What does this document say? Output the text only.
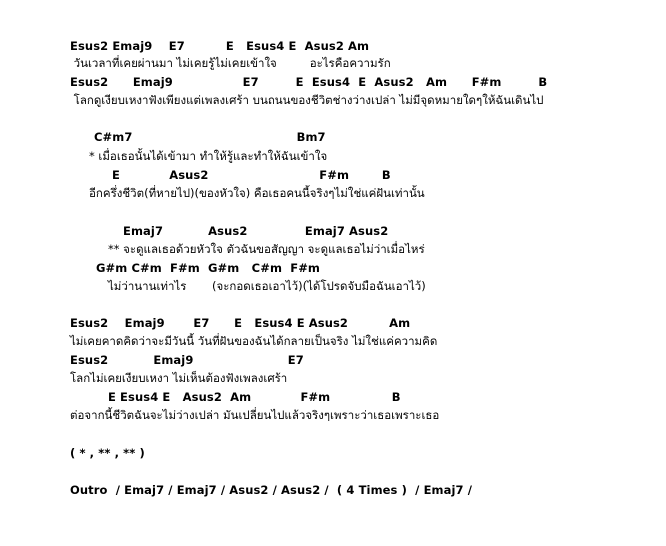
Esus2 Emaj9    E7          E   Esus4 E  Asus2 Am
วันเวลาที่เคยผ่านมา ไม่เคยรู้ไม่เคยเข้าใจ         อะไรคือความรัก
Esus2      Emaj9                 E7         E  Esus4  E  Asus2   Am      F#m         B
โลกดูเงียบเหงาฟังเพียงแต่เพลงเศร้า บนถนนของชีวิตช่างว่างเปล่า ไม่มีจุดหมายใดๆให้ฉันเดินไป
C#m7                                        Bm7
* เมื่อเธอนั้นได้เข้ามา ทำให้รู้และทำให้ฉันเข้าใจ
E            Asus2                           F#m        B
อีกครึ่งชีวิต(ที่หายไป)(ของหัวใจ) คือเธอคนนี้จริงๆไม่ใช่แค่ฝันเท่านั้น
Emaj7           Asus2              Emaj7 Asus2
** จะดูแลเธอด้วยหัวใจ ตัวฉันขอสัญญา จะดูแลเธอไม่ว่าเมื่อไหร่
G#m C#m  F#m  G#m   C#m  F#m
ไม่ว่านานเท่าไร       (จะกอดเธอเอาไว้)(ได้โปรดจับมือฉันเอาไว้)
Esus2    Emaj9       E7      E   Esus4 E Asus2          Am
ไม่เคยคาดคิดว่าจะมีวันนี้ วันที่ฝันของฉันได้กลายเป็นจริง ไม่ใช่แค่ความคิด
Esus2           Emaj9                       E7
โลกไม่เคยเงียบเหงา ไม่เห็นต้องฟังเพลงเศร้า
E Esus4 E   Asus2  Am            F#m               B
ต่อจากนี้ชีวิตฉันจะไม่ว่างเปล่า มันเปลี่ยนไปแล้วจริงๆเพราะว่าเธอเพราะเธอ
( * , ** , ** )
Outro  / Emaj7 / Emaj7 / Asus2 / Asus2 /  ( 4 Times )  / Emaj7 /
